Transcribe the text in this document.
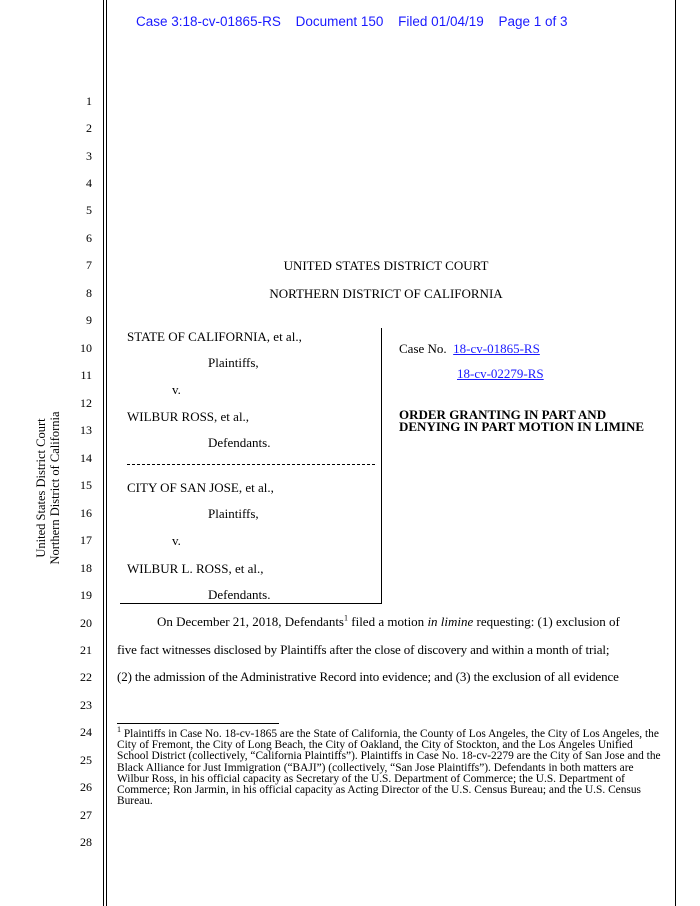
Case 3:18-cv-01865-RS Document 150 Filed 01/04/19 Page 1 of 3
United States District Court Northern District of California
1
2
3
4
5
6
7
8
9
10
11
12
13
14
15
16
17
18
19
20
21
22
23
24
25
26
27
28
UNITED STATES DISTRICT COURT
NORTHERN DISTRICT OF CALIFORNIA
STATE OF CALIFORNIA, et al.,
Plaintiffs,
v.
WILBUR ROSS, et al.,
Defendants.
CITY OF SAN JOSE, et al.,
Plaintiffs,
v.
WILBUR L. ROSS, et al.,
Defendants.
Case No. 18-cv-01865-RS
18-cv-02279-RS
ORDER GRANTING IN PART AND DENYING IN PART MOTION IN LIMINE
On December 21, 2018, Defendants$^1$ filed a motion in limine requesting: (1) exclusion of
five fact witnesses disclosed by Plaintiffs after the close of discovery and within a month of trial;
(2) the admission of the Administrative Record into evidence; and (3) the exclusion of all evidence

$^1$ Plaintiffs in Case No. 18-cv-1865 are the State of California, the County of Los Angeles, the City of Los Angeles, the City of Fremont, the City of Long Beach, the City of Oakland, the City of Stockton, and the Los Angeles Unified School District (collectively, “California Plaintiffs”). Plaintiffs in Case No. 18-cv-2279 are the City of San Jose and the Black Alliance for Just Immigration (“BAJI”) (collectively, “San Jose Plaintiffs”). Defendants in both matters are Wilbur Ross, in his official capacity as Secretary of the U.S. Department of Commerce; the U.S. Department of Commerce; Ron Jarmin, in his official capacity as Acting Director of the U.S. Census Bureau; and the U.S. Census Bureau.
